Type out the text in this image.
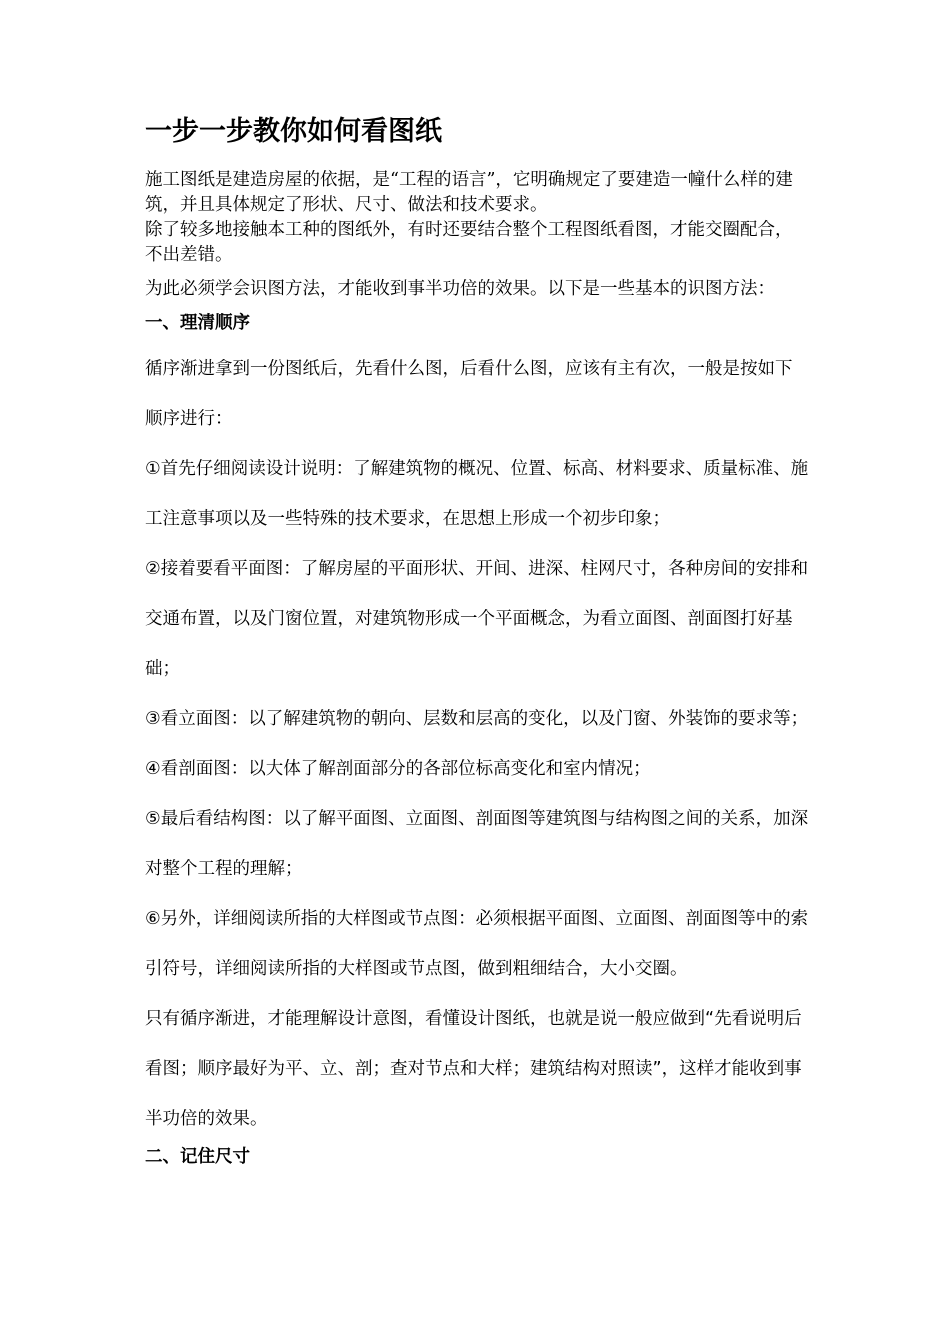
一步一步教你如何看图纸

施工图纸是建造房屋的依据，是“工程的语言”，它明确规定了要建造一幢什么样的建筑，并且具体规定了形状、尺寸、做法和技术要求。

除了较多地接触本工种的图纸外，有时还要结合整个工程图纸看图，才能交圈配合，不出差错。

为此必须学会识图方法，才能收到事半功倍的效果。以下是一些基本的识图方法：

一、理清顺序

循序渐进拿到一份图纸后，先看什么图，后看什么图，应该有主有次，一般是按如下顺序进行：

①首先仔细阅读设计说明：了解建筑物的概况、位置、标高、材料要求、质量标准、施工注意事项以及一些特殊的技术要求，在思想上形成一个初步印象；

②接着要看平面图：了解房屋的平面形状、开间、进深、柱网尺寸，各种房间的安排和交通布置，以及门窗位置，对建筑物形成一个平面概念，为看立面图、剖面图打好基础；

③看立面图：以了解建筑物的朝向、层数和层高的变化，以及门窗、外装饰的要求等；

④看剖面图：以大体了解剖面部分的各部位标高变化和室内情况；

⑤最后看结构图：以了解平面图、立面图、剖面图等建筑图与结构图之间的关系，加深对整个工程的理解；

⑥另外，详细阅读所指的大样图或节点图：必须根据平面图、立面图、剖面图等中的索引符号，详细阅读所指的大样图或节点图，做到粗细结合，大小交圈。

只有循序渐进，才能理解设计意图，看懂设计图纸，也就是说一般应做到“先看说明后看图；顺序最好为平、立、剖；查对节点和大样；建筑结构对照读”，这样才能收到事半功倍的效果。

二、记住尺寸
